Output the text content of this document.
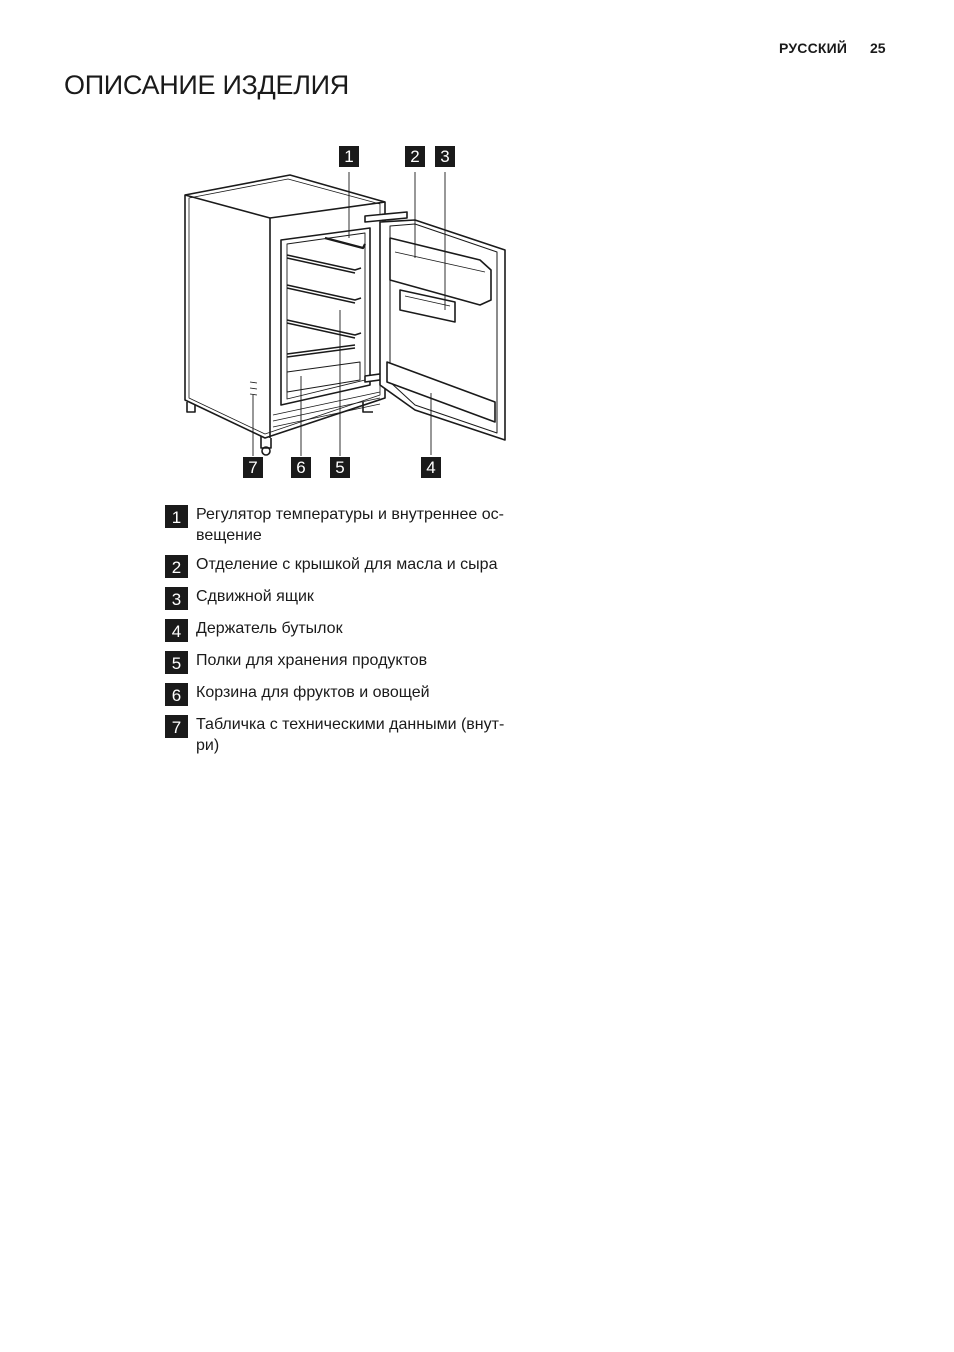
РУССКИЙ 25
ОПИСАНИЕ ИЗДЕЛИЯ
1	2	3
7	6	5	4
1 Регулятор температуры и внутреннее ос-вещение
2 Отделение с крышкой для масла и сыра
3 Сдвижной ящик
4 Держатель бутылок
5 Полки для хранения продуктов
6 Корзина для фруктов и овощей
7 Табличка с техническими данными (внут-ри)
